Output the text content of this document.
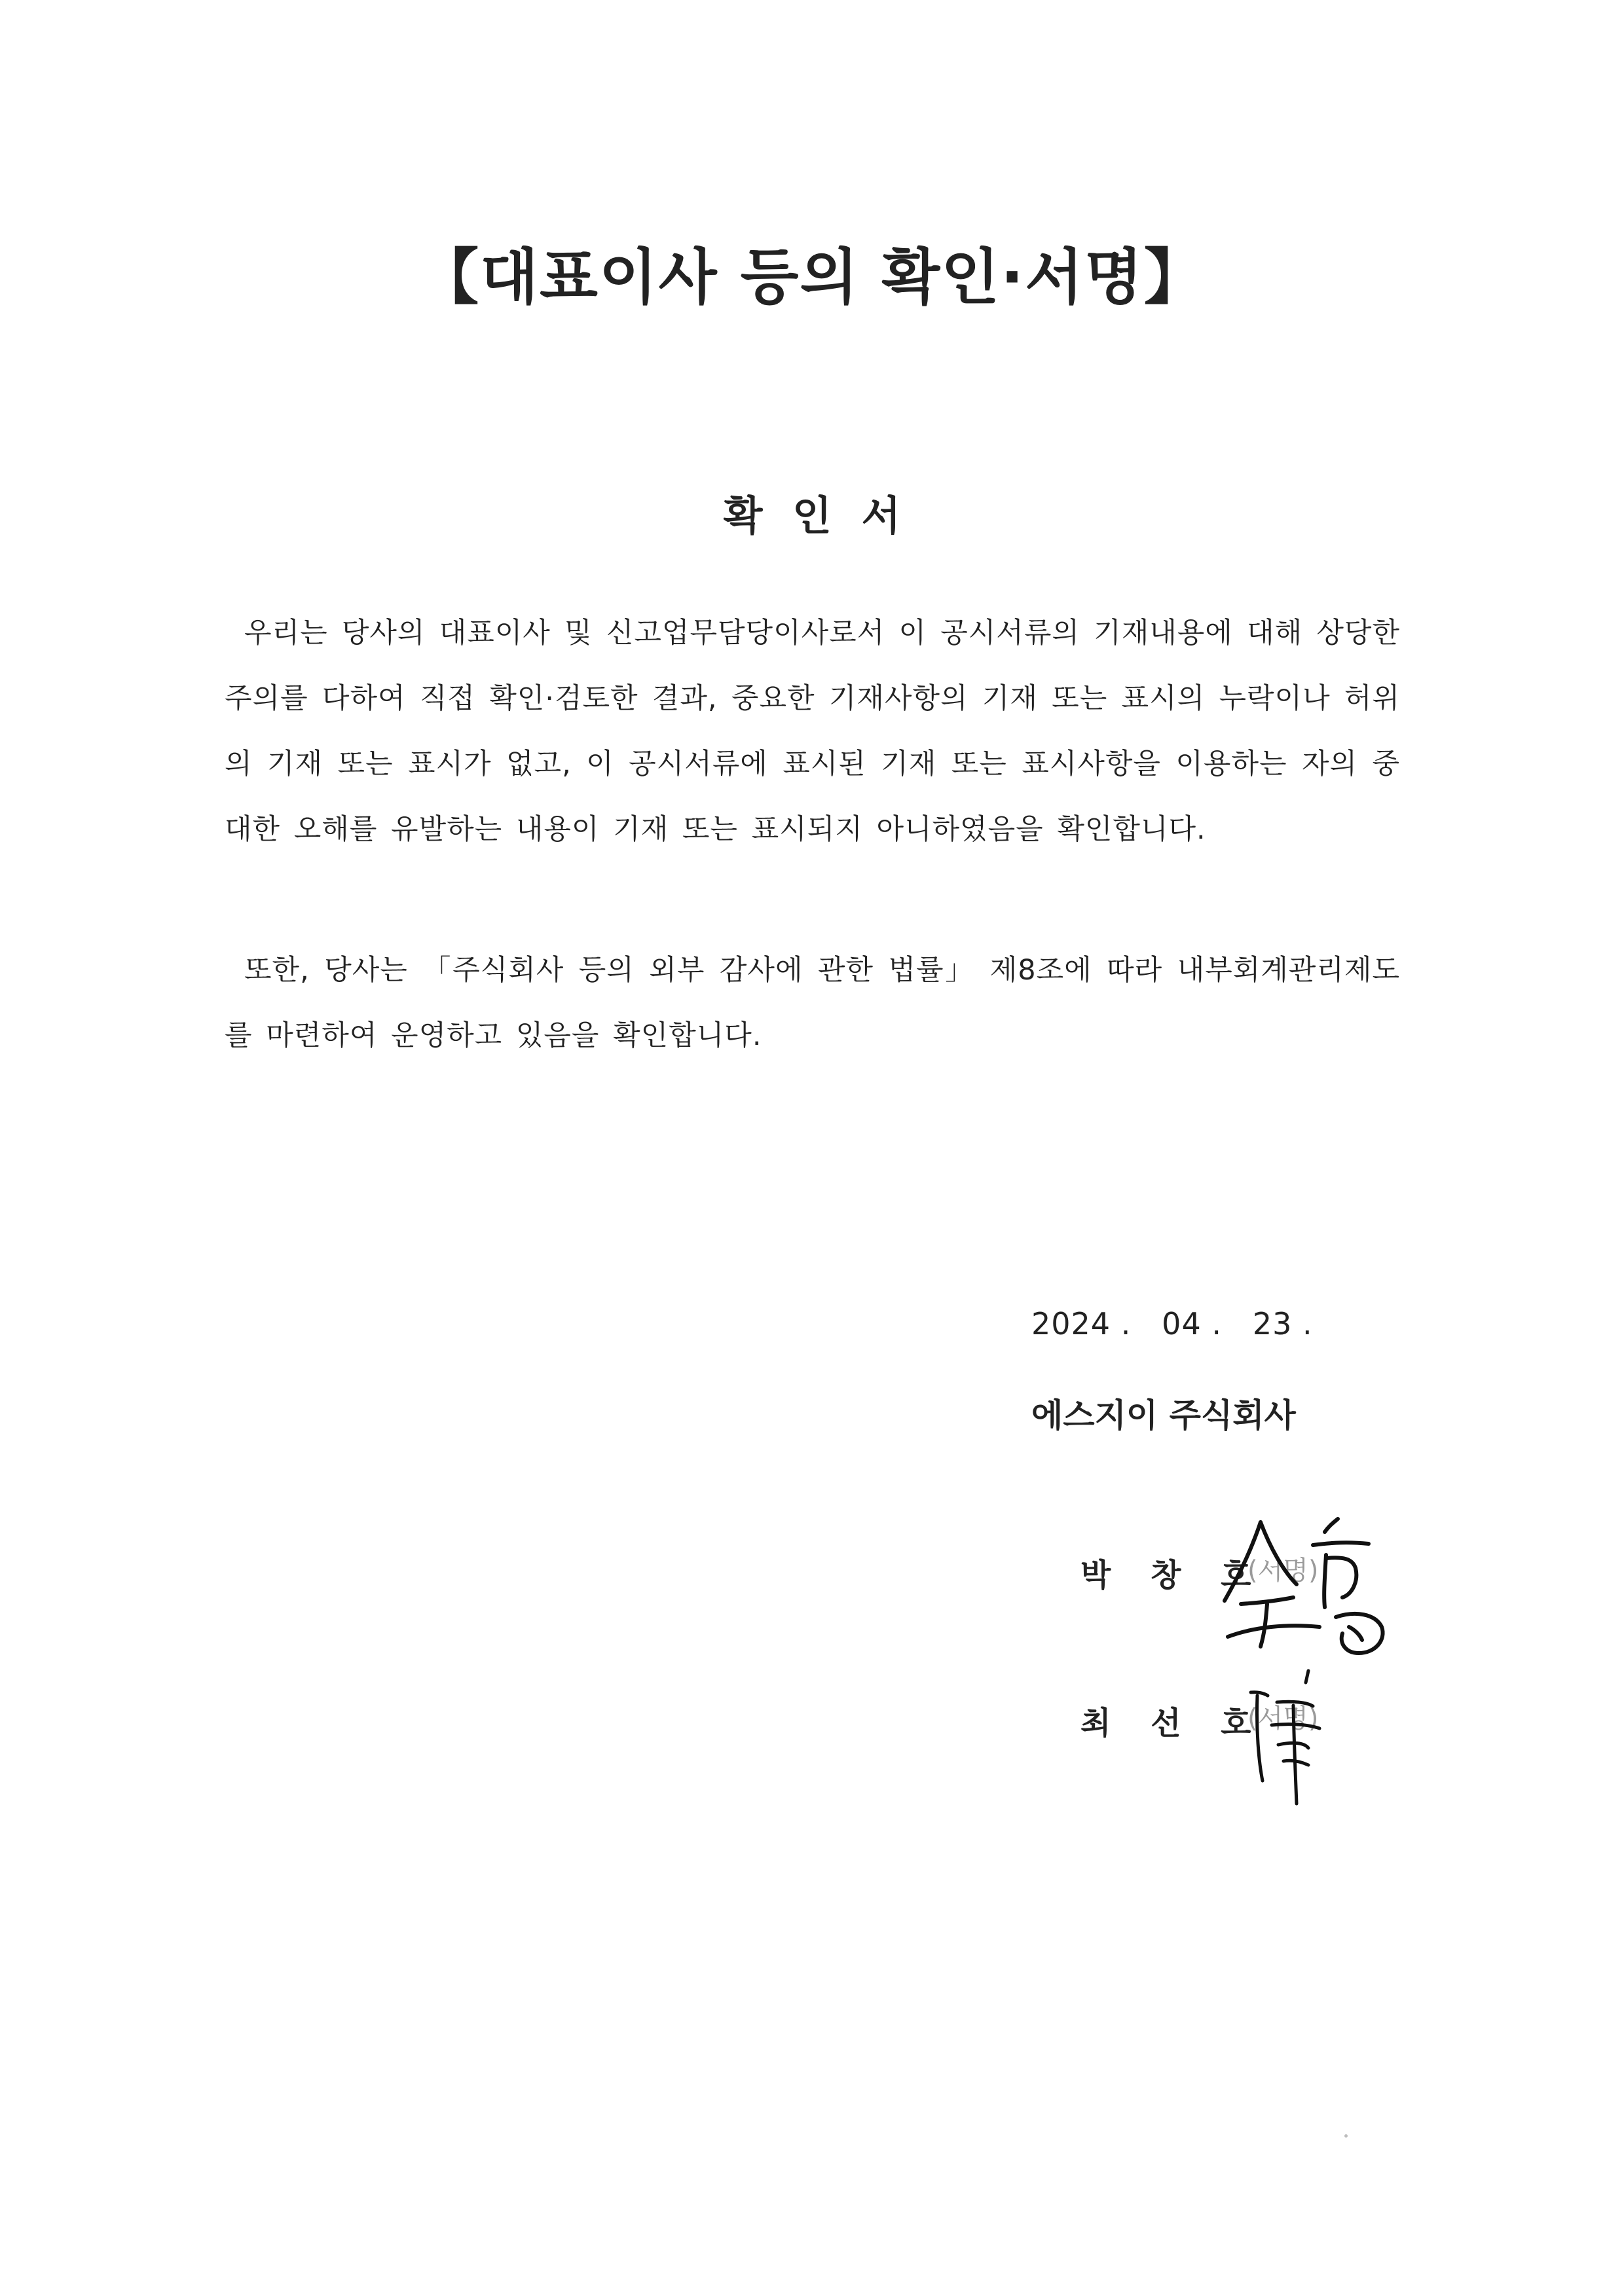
【대표이사 등의 확인·서명】
확 인 서
우리는 당사의 대표이사 및 신고업무담당이사로서 이 공시서류의 기재내용에 대해 상당한 주의를 다하여 직접 확인·검토한 결과, 중요한 기재사항의 기재 또는 표시의 누락이나 허위의 기재 또는 표시가 없고, 이 공시서류에 표시된 기재 또는 표시사항을 이용하는 자의 중대한 오해를 유발하는 내용이 기재 또는 표시되지 아니하였음을 확인합니다.
또한, 당사는 「주식회사 등의 외부 감사에 관한 법률」 제8조에 따라 내부회계관리제도를 마련하여 운영하고 있음을 확인합니다.
2024 .   04 .   23 .
에스지이 주식회사
박 창 호
(서명)
최 선 호
(서명)
